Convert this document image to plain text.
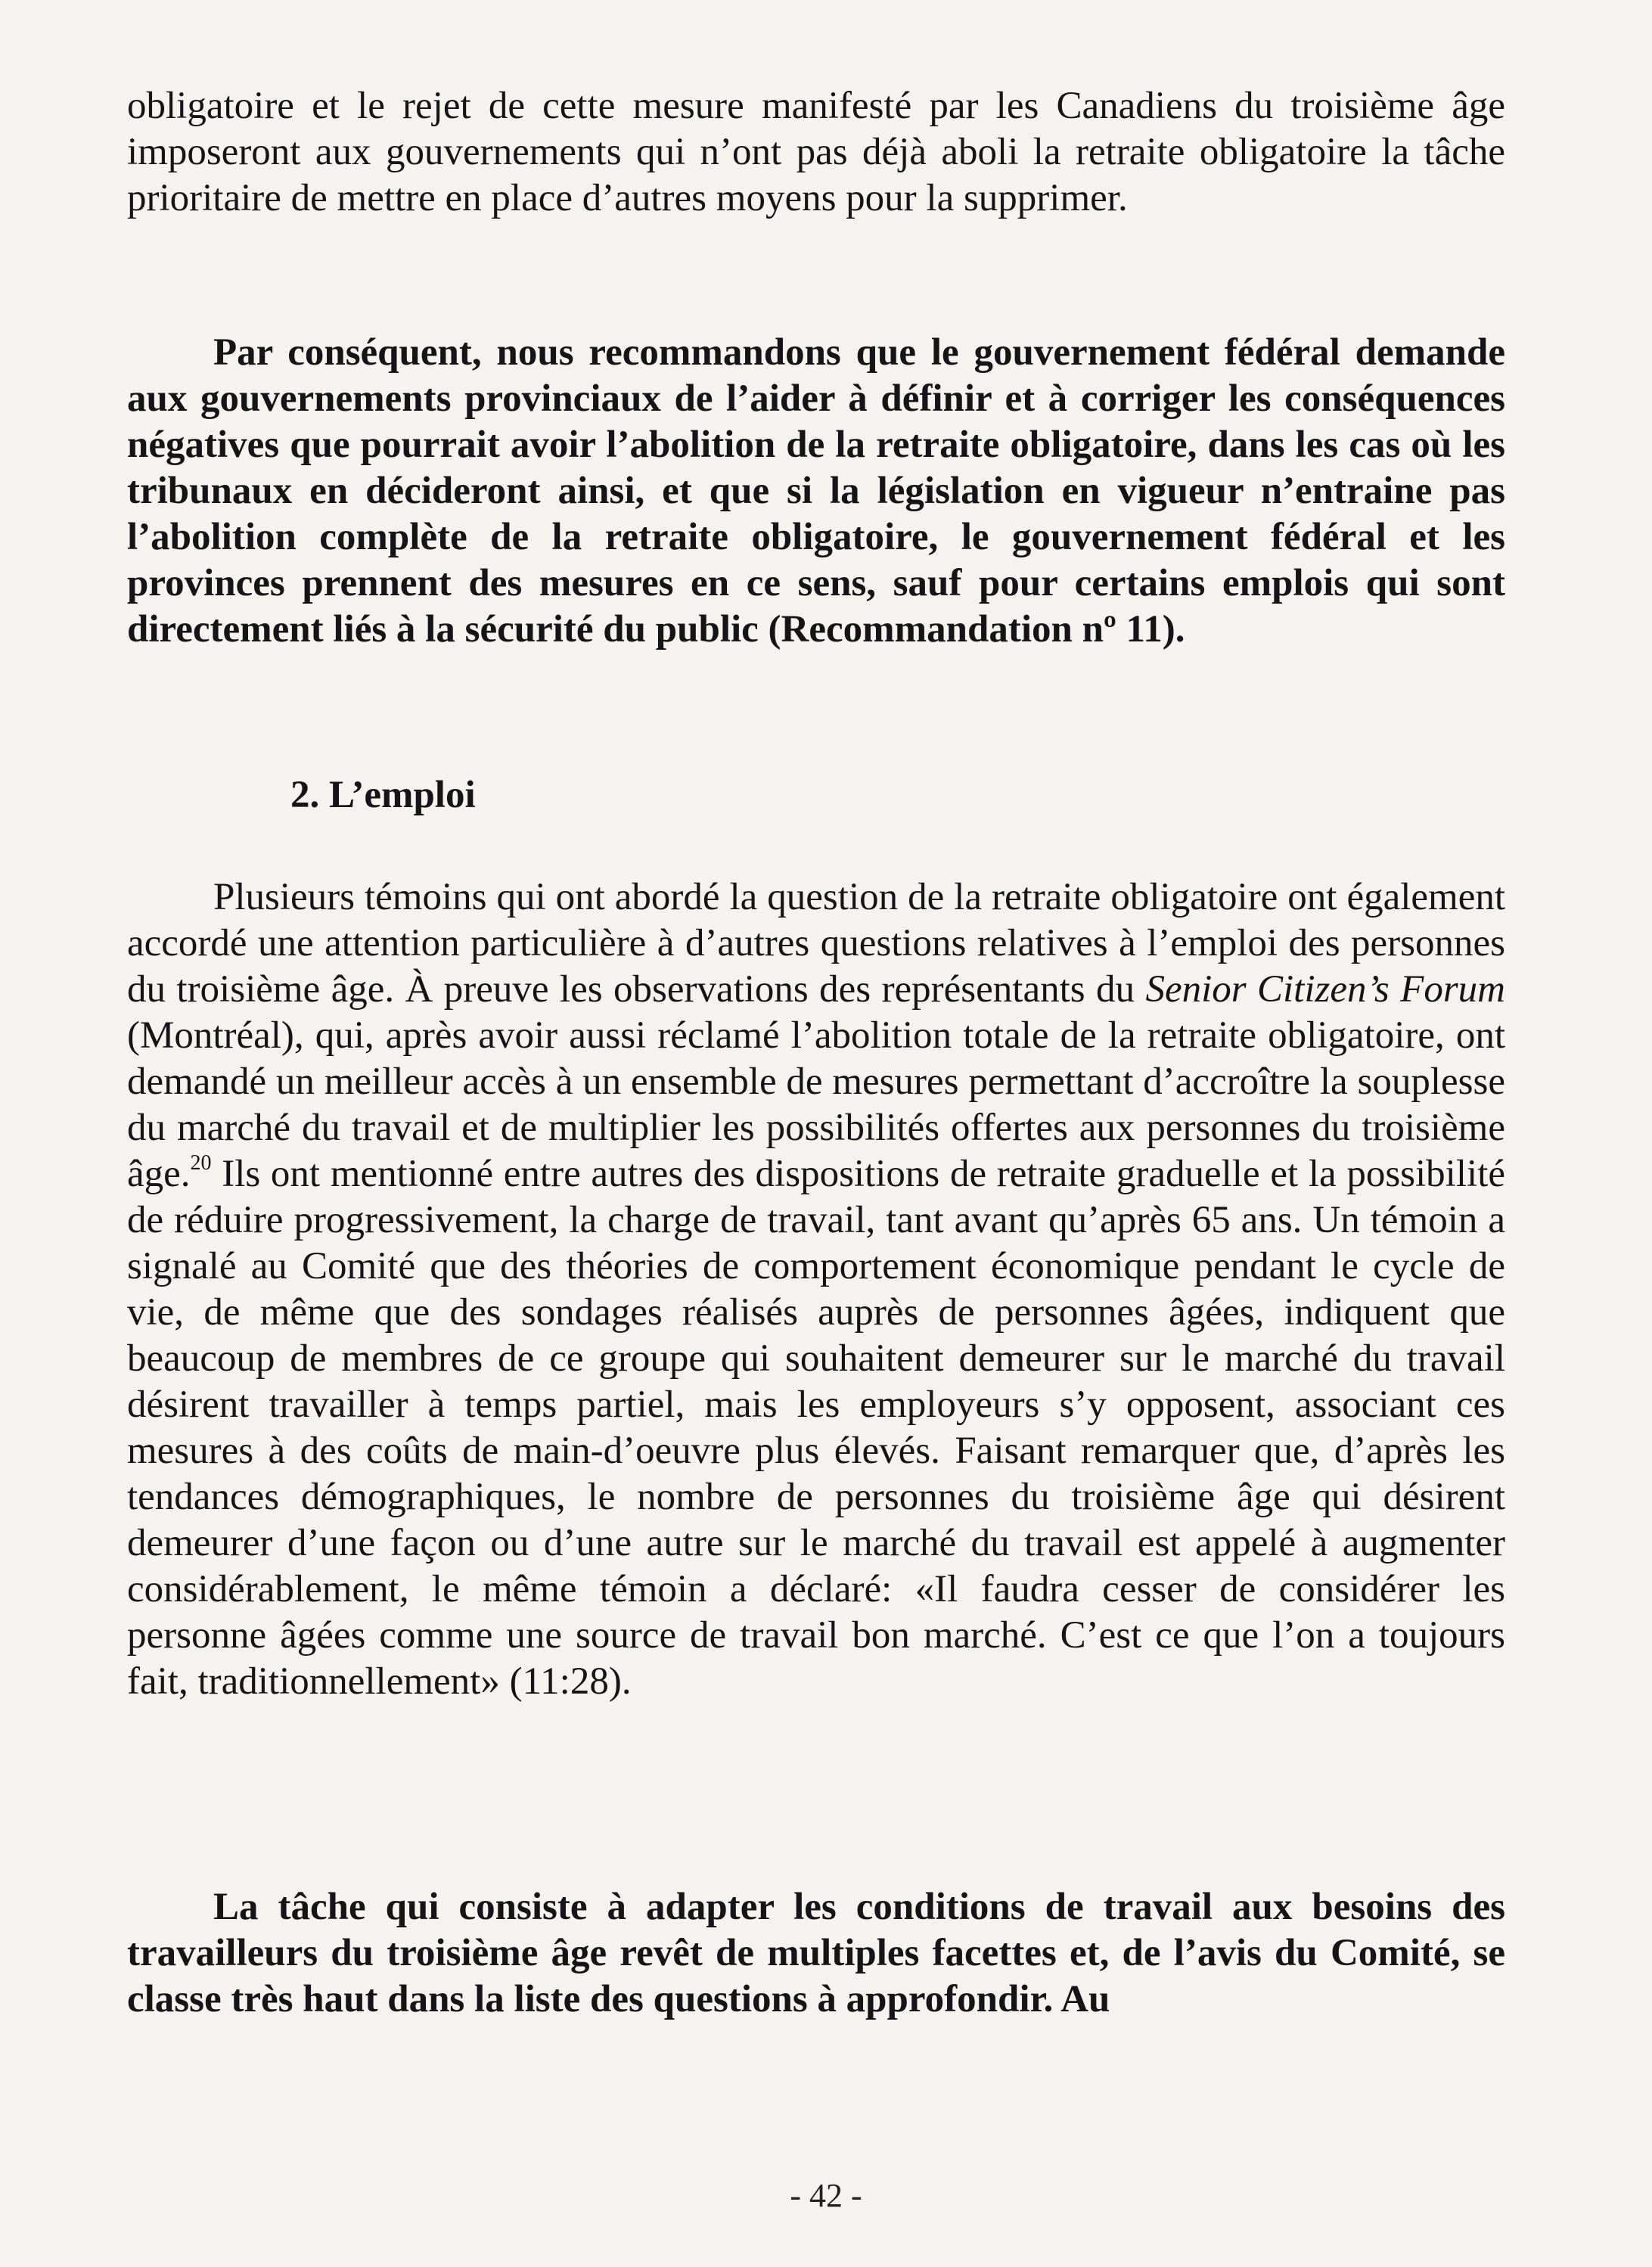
obligatoire et le rejet de cette mesure manifesté par les Canadiens du troisième âge imposeront aux gouvernements qui n’ont pas déjà aboli la retraite obligatoire la tâche prioritaire de mettre en place d’autres moyens pour la supprimer.
Par conséquent, nous recommandons que le gouvernement fédéral demande aux gouvernements provinciaux de l’aider à définir et à corriger les conséquences négatives que pourrait avoir l’abolition de la retraite obligatoire, dans les cas où les tribunaux en décideront ainsi, et que si la législation en vigueur n’entraine pas l’abolition complète de la retraite obligatoire, le gouvernement fédéral et les provinces prennent des mesures en ce sens, sauf pour certains emplois qui sont directement liés à la sécurité du public (Recommandation nº 11).
2. L’emploi
Plusieurs témoins qui ont abordé la question de la retraite obligatoire ont également accordé une attention particulière à d’autres questions relatives à l’emploi des personnes du troisième âge. À preuve les observations des représentants du Senior Citizen’s Forum (Montréal), qui, après avoir aussi réclamé l’abolition totale de la retraite obligatoire, ont demandé un meilleur accès à un ensemble de mesures permettant d’accroître la souplesse du marché du travail et de multiplier les possibilités offertes aux personnes du troisième âge.$^{20}$ Ils ont mentionné entre autres des dispositions de retraite graduelle et la possibilité de réduire progressivement, la charge de travail, tant avant qu’après 65 ans. Un témoin a signalé au Comité que des théories de comportement économique pendant le cycle de vie, de même que des sondages réalisés auprès de personnes âgées, indiquent que beaucoup de membres de ce groupe qui souhaitent demeurer sur le marché du travail désirent travailler à temps partiel, mais les employeurs s’y opposent, associant ces mesures à des coûts de main-d’oeuvre plus élevés. Faisant remarquer que, d’après les tendances démographiques, le nombre de personnes du troisième âge qui désirent demeurer d’une façon ou d’une autre sur le marché du travail est appelé à augmenter considérablement, le même témoin a déclaré: «Il faudra cesser de considérer les personne âgées comme une source de travail bon marché. C’est ce que l’on a toujours fait, traditionnellement» (11:28).
La tâche qui consiste à adapter les conditions de travail aux besoins des travailleurs du troisième âge revêt de multiples facettes et, de l’avis du Comité, se classe très haut dans la liste des questions à approfondir. Au
- 42 -
